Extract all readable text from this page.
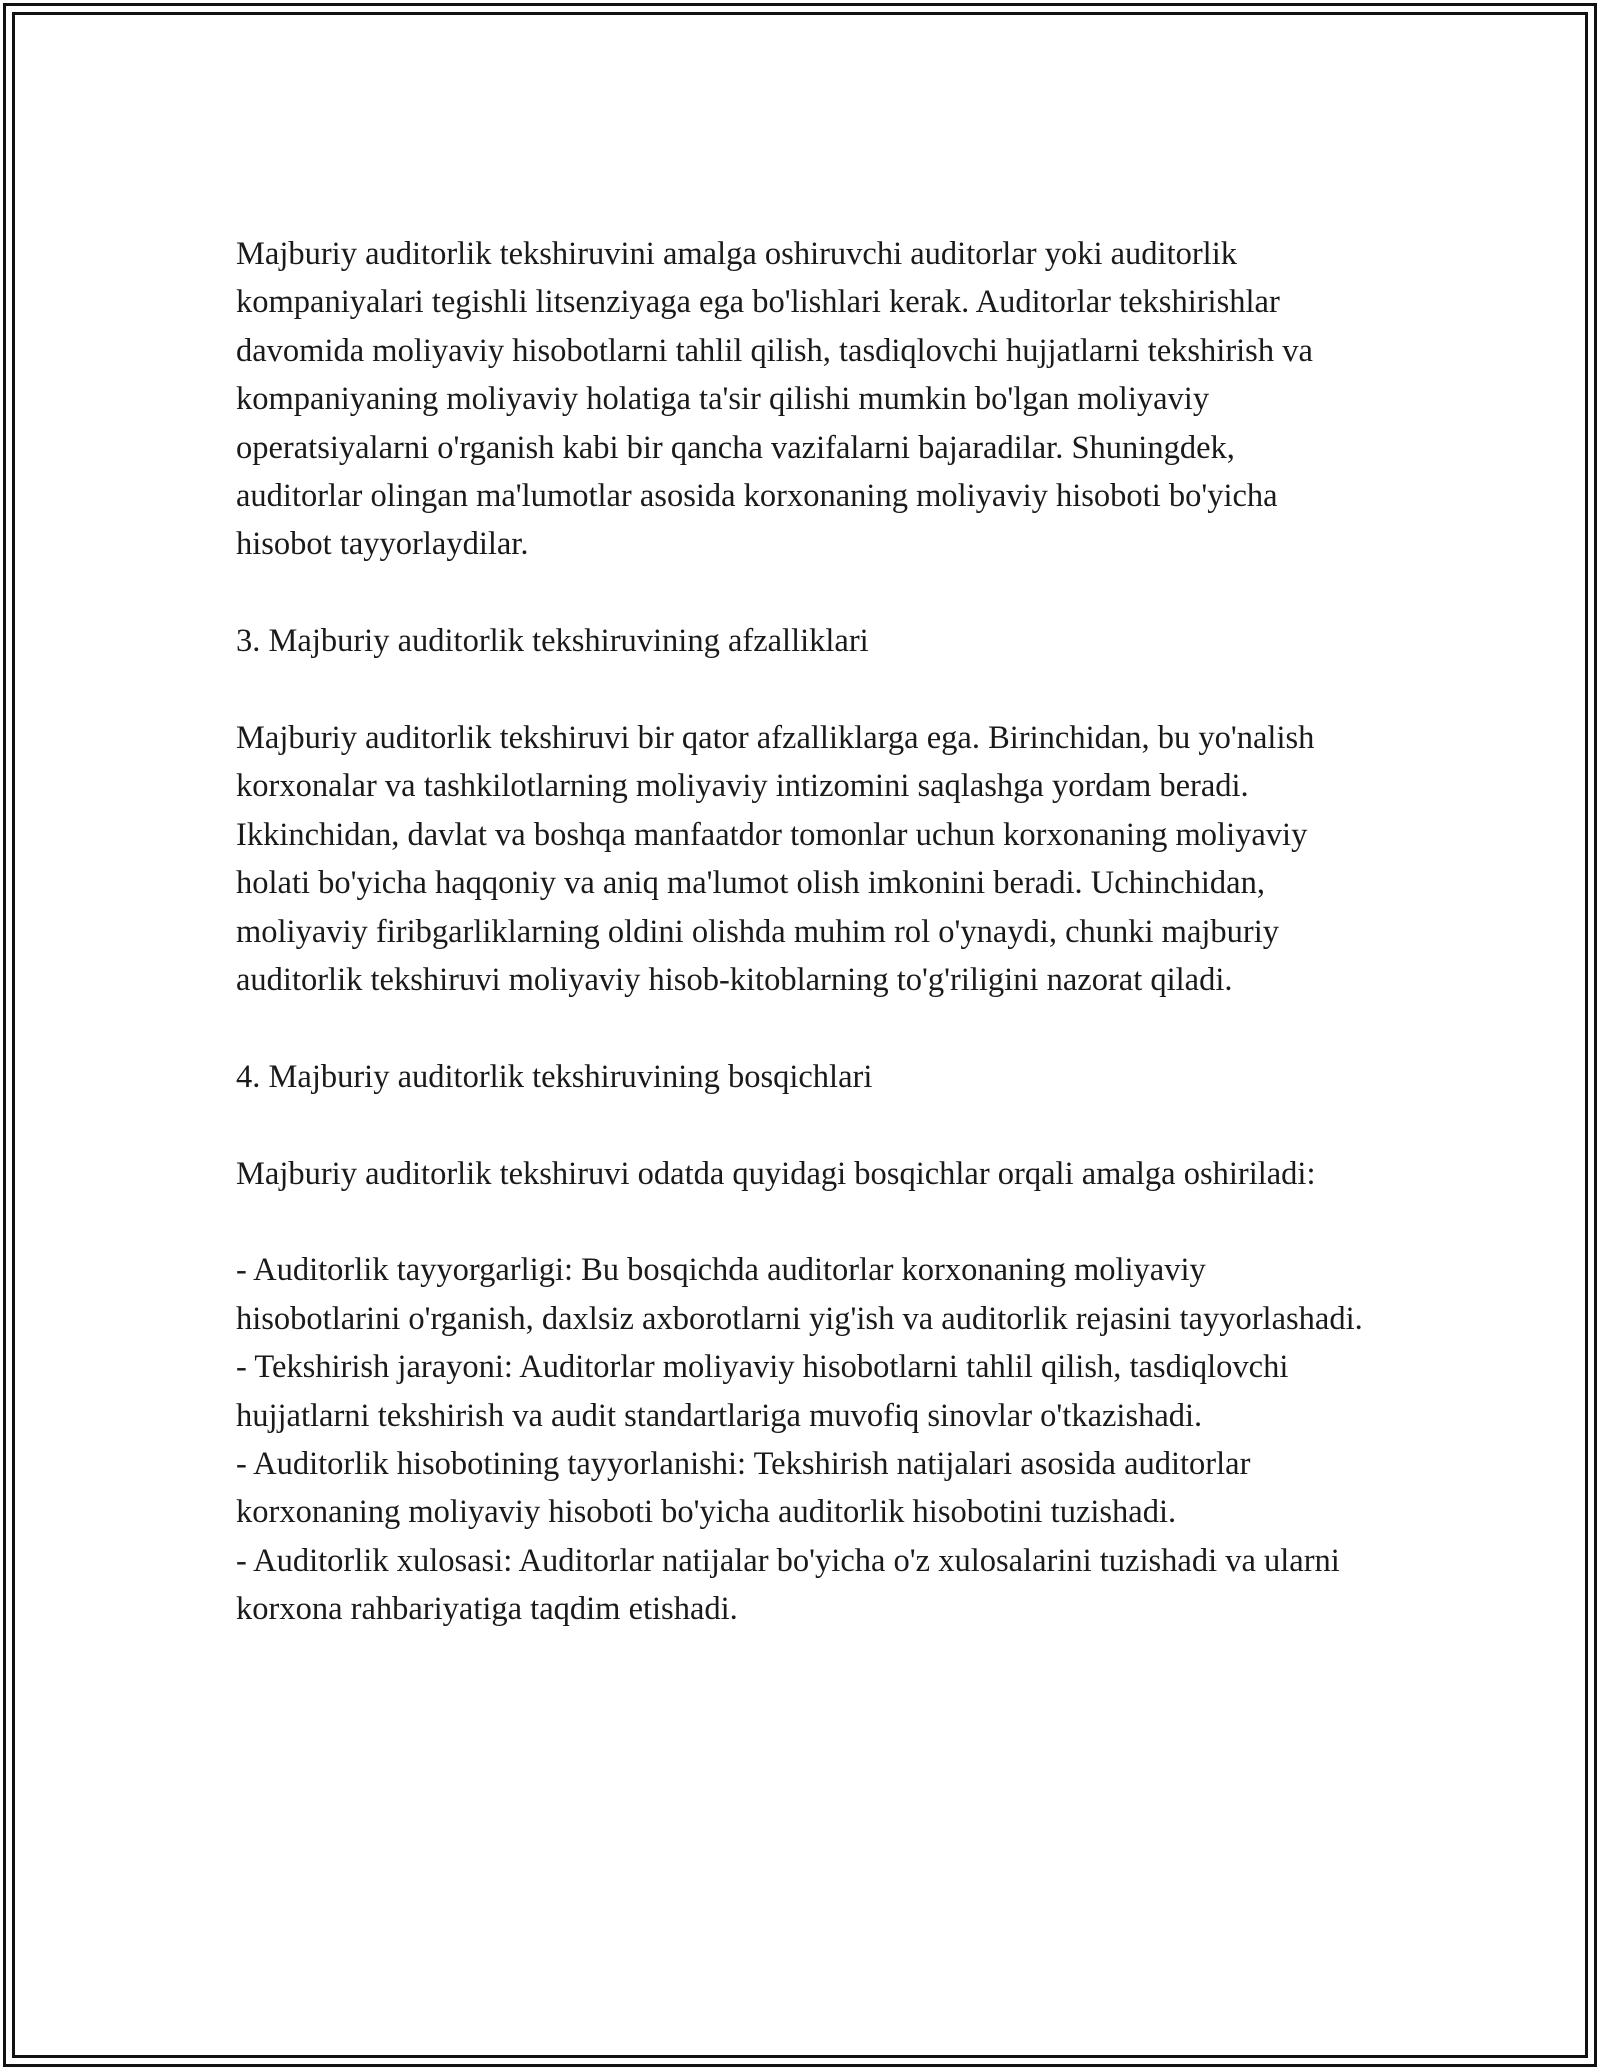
Majburiy auditorlik tekshiruvini amalga oshiruvchi auditorlar yoki auditorlik kompaniyalari tegishli litsenziyaga ega bo'lishlari kerak. Auditorlar tekshirishlar davomida moliyaviy hisobotlarni tahlil qilish, tasdiqlovchi hujjatlarni tekshirish va kompaniyaning moliyaviy holatiga ta'sir qilishi mumkin bo'lgan moliyaviy operatsiyalarni o'rganish kabi bir qancha vazifalarni bajaradilar. Shuningdek, auditorlar olingan ma'lumotlar asosida korxonaning moliyaviy hisoboti bo'yicha hisobot tayyorlaydilar.

3. Majburiy auditorlik tekshiruvining afzalliklari

Majburiy auditorlik tekshiruvi bir qator afzalliklarga ega. Birinchidan, bu yo'nalish korxonalar va tashkilotlarning moliyaviy intizomini saqlashga yordam beradi. Ikkinchidan, davlat va boshqa manfaatdor tomonlar uchun korxonaning moliyaviy holati bo'yicha haqqoniy va aniq ma'lumot olish imkonini beradi. Uchinchidan, moliyaviy firibgarliklarning oldini olishda muhim rol o'ynaydi, chunki majburiy auditorlik tekshiruvi moliyaviy hisob-kitoblarning to'g'riligini nazorat qiladi.

4. Majburiy auditorlik tekshiruvining bosqichlari

Majburiy auditorlik tekshiruvi odatda quyidagi bosqichlar orqali amalga oshiriladi:

- Auditorlik tayyorgarligi: Bu bosqichda auditorlar korxonaning moliyaviy hisobotlarini o'rganish, daxlsiz axborotlarni yig'ish va auditorlik rejasini tayyorlashadi.

- Tekshirish jarayoni: Auditorlar moliyaviy hisobotlarni tahlil qilish, tasdiqlovchi hujjatlarni tekshirish va audit standartlariga muvofiq sinovlar o'tkazishadi.

- Auditorlik hisobotining tayyorlanishi: Tekshirish natijalari asosida auditorlar korxonaning moliyaviy hisoboti bo'yicha auditorlik hisobotini tuzishadi.

- Auditorlik xulosasi: Auditorlar natijalar bo'yicha o'z xulosalarini tuzishadi va ularni korxona rahbariyatiga taqdim etishadi.
